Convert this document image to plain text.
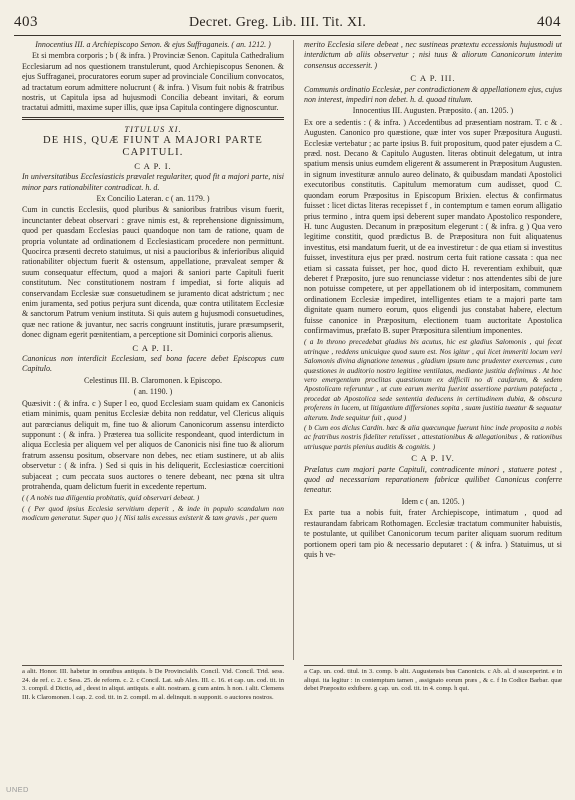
403	Decret. Greg. Lib. III. Tit. XI.	404

Innocentius III. a Archiepiscopo Senon. & ejus Suffraganeis. ( an. 1212. )

Et si membra corporis ; b ( & infra. ) Provinciæ Senon. Capitula Cathedralium Ecclesiarum ad nos questionem transtulerunt, quod Archiepiscopus Senonen. & ejus Suffraganei, procuratores eorum super ad provinciale Concilium convocatos, ad tractatum eorum admittere nolucrunt ( & infra. ) Visum fuit nobis & fratribus nostris, ut Capitula ipsa ad hujusmodi Concilia debeant invitari, & eorum tractatui admitti, maxime super illis, quæ ipsa Capitula contingere dignoscuntur.

TITULUS XI.
DE HIS, QUÆ FIUNT A MAJORI PARTE CAPITULI.
C A P. I.

In universitatibus Ecclesiasticis prævalet regulariter, quod fit a majori parte, nisi minor pars rationabiliter contradicat. h. d.

Ex Concilio Lateran. c ( an. 1179. )

Cum in cunctis Ecclesiis, quod pluribus & sanioribus fratribus visum fuerit, incunctanter debeat observari : grave nimis est, & reprehensione dignissimum, quod per quasdam Ecclesias pauci quandoque non tam de ratione, quam de propria voluntate ad ordinationem d Ecclesiasticam procedere non permittunt. Quocirca præsenti decreto statuimus, ut nisi a paucioribus & inferioribus aliquid rationabiliter objectum fuerit & ostensum, appellatione, prævaleat semper & suum consequatur effectum, quod a majori & saniori parte Capituli fuerit constitutum. Nec constitutionem nostram f impediat, si forte aliquis ad conservandam Ecclesiæ suæ consuetudinem se juramento dicat adstrictum ; nec enim juramenta, sed potius perjura sunt dicenda, quæ contra utilitatem Ecclesiæ & sanctorum Patrum venium instituta. Si quis autem g hujusmodi consuetudines, quæ nec ratione & juvantur, nec sacris congruunt institutis, jurare præsumpserit, donec dignam egerit pœnitentiam, a perceptione sit Dominici corporis alienus.

C A P. II.

Canonicus non interdicit Ecclesiam, sed bona facere debet Episcopus cum Capitulo.

Celestinus III. B. Claromonen. k Episcopo.

( an. 1190. )

Quæsivit : ( & infra. c ) Super l eo, quod Ecclesiam suam quidam ex Canonicis etiam minimis, quam penitus Ecclesiæ debita non reddatur, vel Clericus aliquis aut parœcianus deliquit m, fine tuo & aliorum Canonicorum assensu interdicto supponunt : ( & infra. ) Præterea tua sollicite respondeant, quod interdictum in aliqua Ecclesia per aliquem vel per aliquos de Canonicis nisi fine tuo & aliorum fratrum assensu positum, observare non debes, nec etiam sustinere, ut ab aliis observetur : ( & infra. ) Sed si quis in his deliquerit, Ecclesiasticæ coercitioni subjaceat ; cum peccata suos auctores o tenere debeant, nec pœna sit ultra protrahenda, quam delictum fuerit in excedente repertum.

( ( A nobis tua diligentia probitatis, quid observari debeat. )

( ( Per quod ipsius Ecclesia servitium deperit , & inde in populo scandalum non modicum generatur. Super quo ) ( Nisi talis excessus existerit & tam gravis , per quem

merito Ecclesia silere debeat , nec sustineas prætextu eccessionis hujusmodi ut interdictum ab aliis observetur ; nisi tuus & aliorum Canonicorum interim consensus accesserit. )

C A P. III.

Communis ordinatio Ecclesiæ, per contradictionem & appellationem ejus, cujus non interest, impediri non debet. h. d. quoad titulum.

Innocentius III. Augusten. Præposito. ( an. 1205. )

Ex ore a sedentis : ( & infra. ) Accedentibus ad præsentiam nostram. T. c & . Augusten. Canonico pro quæstione, quæ inter vos super Præpositura Augusti. Ecclesiæ vertebatur ; ac parte ipsius B. fuit propositum, quod pater ejusdem a C. præd. nost. Decano & Capitulo Augusten. literas obtinuit delegatum, ut intra spatium mensis unius eumdem eligerent & assumerent in Præpositum Augusten. in signum investituræ annulo aureo delinato, & quibusdam mandati Apostolici executoribus constitutis. Capitulum memoratum cum audisset, quod C. quondam eorum Præpositus in Episcopum Brixien. electus & confirmatus fuisset : licet dictas literas recepisset f , in contemptum e tamen eorum alligatio prius termino , intra quem ipsi deberent super mandato Apostolico respondere, H. tunc Augusten. Decanum in præpositum elegerunt : ( & infra. g ) Qua vero legitime constitit, quod prædictus B. de Præpositura non fuit aliquatenus investitus, etsi mandatum fuerit, ut de ea investiretur : de qua etiam si investitus fuisset, investitura ejus per præd. nostrum certa fuit ratione cassata : qua nec etiam si cassata fuisset, per hoc, quod dicto H. reverentiam exhibuit, quæ deberet f Præposito, jure suo renunciasse videtur : nos attendentes sibi de jure non potuisse competere, ut per appellationem ob id interpositam, communem ordinationem Ecclesiæ impediret, intelligentes etiam te a majori parte tam dignitate quam numero eorum, quos eligendi jus constabat habere, electum fuisse canonice in Præpositum, electionem tuam auctoritate Apostolica confirmavimus, præfato B. super Præpositura silentium imponentes.

( a In throno precedebat gladius bis acutus, hic est gladius Salomonis , qui fecat utrinque , reddens unicuique quod suum est. Nos igitur , qui licet immeriti locum veri Salomonis divina dignatione tenemus , gladium ipsum tunc prudenter exercemus , cum quæstiones in auditorio nostro legitime ventilatas, mediante justitia definimus . At hoc vero emergentium proclitas quæstionum ex difficili no di caufarum, & sedem Apostolicam referuntur , ut cum earum merita fuerint assertione partium patefacta , procedat ab Apostolica sede sententia deducens in certitudinem dubia, & obscura proferens in lucem, ut litigantium differsiones sopita , suam justitia tueatur & sequatur alterum. Inde sequitur fuit , quod )

( b Cum eos diclus Cardin. hæc & alia quæcunque fuerunt hinc inde proposita a nobis ac fratribus nostris fideliter retulisset , attestationibus & allegationibus , & rationibus utriusque partis plenius auditis & cognitis. )

C A P. IV.

Prælatus cum majori parte Capituli, contradicente minori , statuere potest , quod ad necessariam reparationem fabricæ quilibet Canonicus conferre teneatur.

Idem c ( an. 1205. )

Ex parte tua a nobis fuit, frater Archiepiscope, intimatum , quod ad restaurandam fabricam Rothomagen. Ecclesiæ tractatum communiter habuistis, te postulante, ut quilibet Canonicorum tecum pariter aliquam suorum reditum portionem operi tam pio & necessario deputaret : ( & infra. ) Statuimus, ut si quis h ve-

a alit. Honor. III. habetur in omnibus antiquis. b De Provincialib. Concil. Vid. Concil. Trid. sess. 24. de ref. c. 2. c Sess. 25. de reform. c. 2. c Concil. Lat. sub Alex. III. c. 16. et cap. un. cod. tit. in 3. compil. d Dictio, ad , deest in aliqui. antiquis. e alit. nostram. g cum anim. h non. i alit. Clemens III. k Claromonen. l cap. 2. cod. tit. in 2. compil. m al. delinquit. n supponit. o auctores nostros.
a Cap. un. cod. titul. in 3. comp. b alit. Augustensis bus Canonicis. c Ab. al. d susceperint. e in aliqui. ita legitur : in contemptum tamen , assignato eorum præs , & c. f In Codice Barbar. quæ debet Præposito exhibere. g cap. un. cod. tit. in 4. comp. h qui.
UNED
